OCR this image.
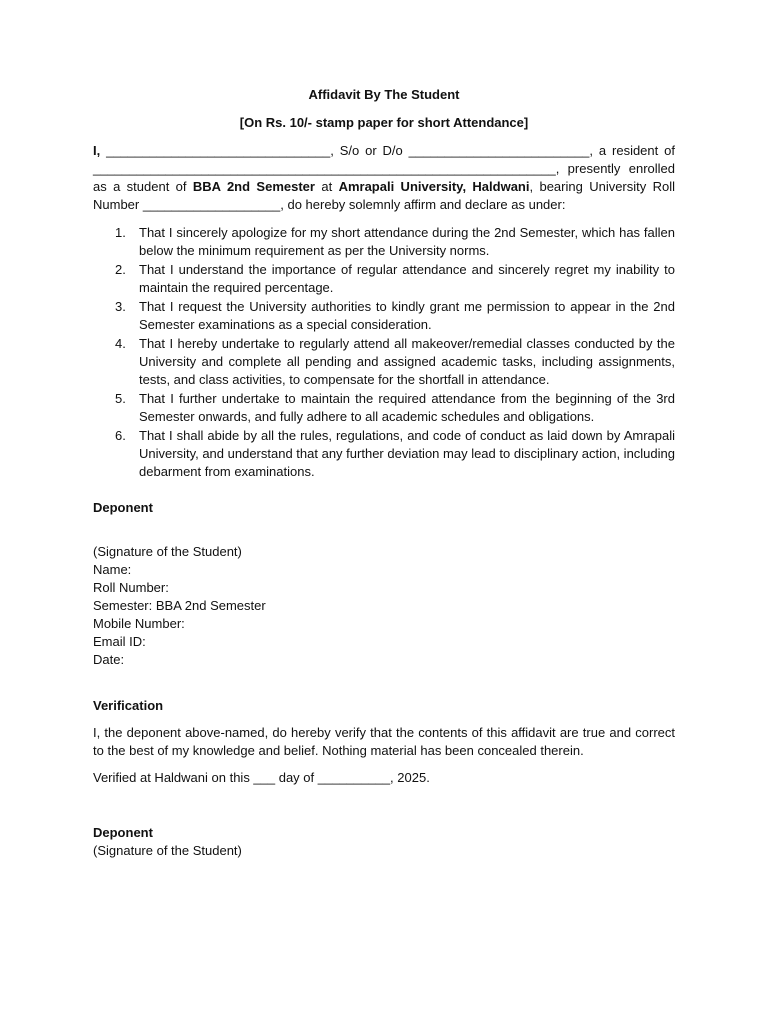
Affidavit By The Student

[On Rs. 10/- stamp paper for short Attendance]

I, _______________________________, S/o or D/o _________________________, a resident of ________________________________________________________________, presently enrolled as a student of BBA 2nd Semester at Amrapali University, Haldwani, bearing University Roll Number ___________________, do hereby solemnly affirm and declare as under:

1. That I sincerely apologize for my short attendance during the 2nd Semester, which has fallen below the minimum requirement as per the University norms.
2. That I understand the importance of regular attendance and sincerely regret my inability to maintain the required percentage.
3. That I request the University authorities to kindly grant me permission to appear in the 2nd Semester examinations as a special consideration.
4. That I hereby undertake to regularly attend all makeover/remedial classes conducted by the University and complete all pending and assigned academic tasks, including assignments, tests, and class activities, to compensate for the shortfall in attendance.
5. That I further undertake to maintain the required attendance from the beginning of the 3rd Semester onwards, and fully adhere to all academic schedules and obligations.
6. That I shall abide by all the rules, regulations, and code of conduct as laid down by Amrapali University, and understand that any further deviation may lead to disciplinary action, including debarment from examinations.

Deponent

(Signature of the Student)

Name:

Roll Number:

Semester: BBA 2nd Semester

Mobile Number:

Email ID:

Date:

Verification

I, the deponent above-named, do hereby verify that the contents of this affidavit are true and correct to the best of my knowledge and belief. Nothing material has been concealed therein.

Verified at Haldwani on this ___ day of __________, 2025.

Deponent

(Signature of the Student)
